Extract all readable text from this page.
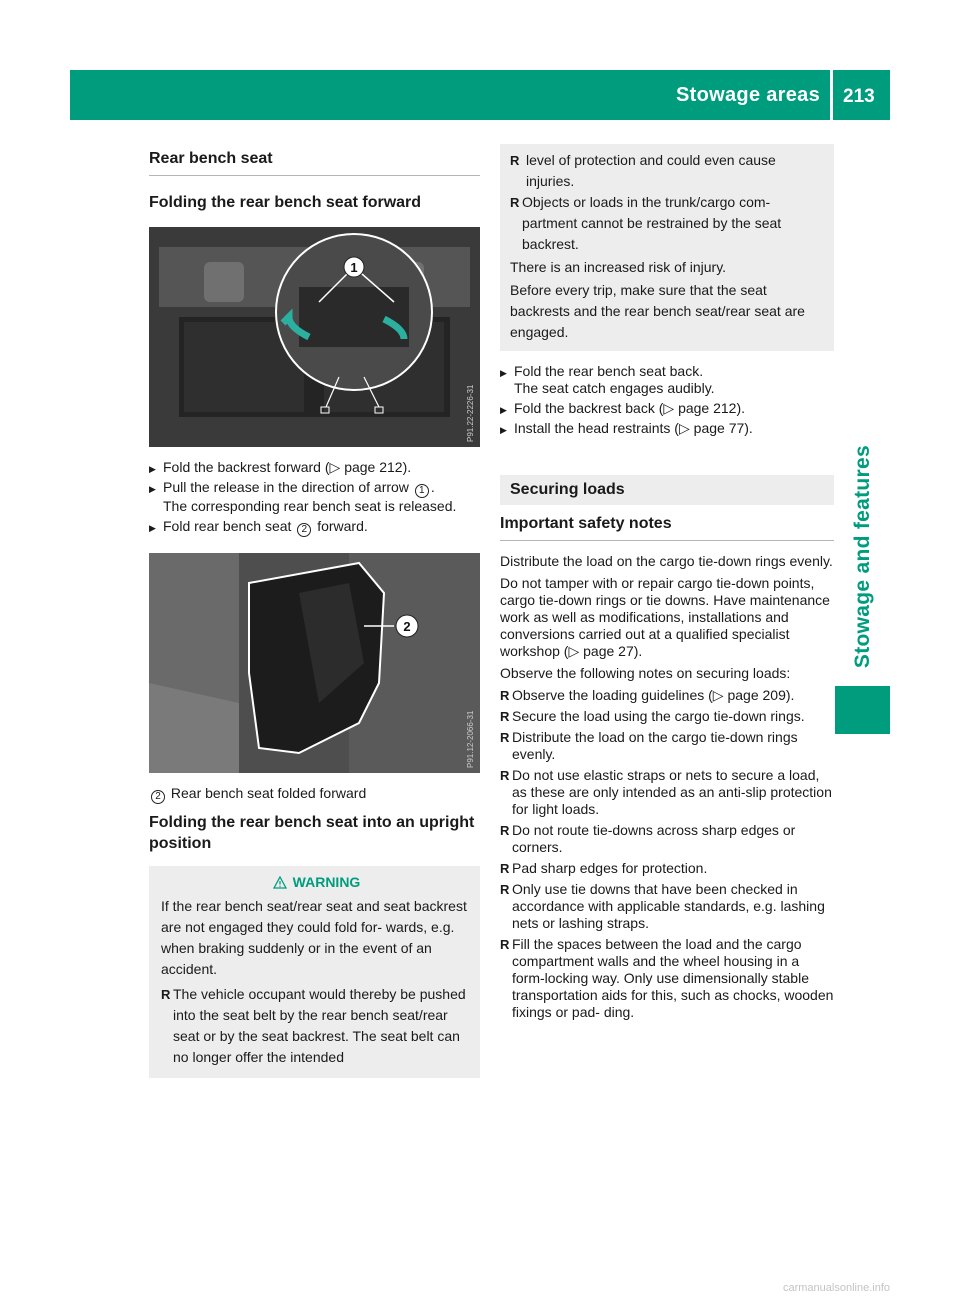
Stowage areas 213
Stowage and features
Rear bench seat
Folding the rear bench seat forward
1
P91.22-2226-31
▶ Fold the backrest forward (▷ page 212).
▶ Pull the release in the direction of arrow 1 .
The corresponding rear bench seat is released.
▶ Fold rear bench seat 2 forward.
2
P91.12-2066-31
2 Rear bench seat folded forward
Folding the rear bench seat into an upright position
WARNING
If the rear bench seat/rear seat and seat backrest are not engaged they could fold for- wards, e.g. when braking suddenly or in the event of an accident.
R The vehicle occupant would thereby be pushed into the seat belt by the rear bench seat/rear seat or by the seat backrest. The seat belt can no longer offer the intended
R level of protection and could even cause injuries.
R Objects or loads in the trunk/cargo com- partment cannot be restrained by the seat backrest.
There is an increased risk of injury.
Before every trip, make sure that the seat backrests and the rear bench seat/rear seat are engaged.
▶ Fold the rear bench seat back.
The seat catch engages audibly.
▶ Fold the backrest back (▷ page 212).
▶ Install the head restraints (▷ page 77).
Securing loads
Important safety notes
Distribute the load on the cargo tie-down rings evenly.
Do not tamper with or repair cargo tie-down points, cargo tie-down rings or tie downs. Have maintenance work as well as modifications, installations and conversions carried out at a qualified specialist workshop (▷ page 27).
Observe the following notes on securing loads:
R Observe the loading guidelines (▷ page 209).
R Secure the load using the cargo tie-down rings.
R Distribute the load on the cargo tie-down rings evenly.
R Do not use elastic straps or nets to secure a load, as these are only intended as an anti-slip protection for light loads.
R Do not route tie-downs across sharp edges or corners.
R Pad sharp edges for protection.
R Only use tie downs that have been checked in accordance with applicable standards, e.g. lashing nets or lashing straps.
R Fill the spaces between the load and the cargo compartment walls and the wheel housing in a form-locking way. Only use dimensionally stable transportation aids for this, such as chocks, wooden fixings or pad- ding.
carmanualsonline.info
